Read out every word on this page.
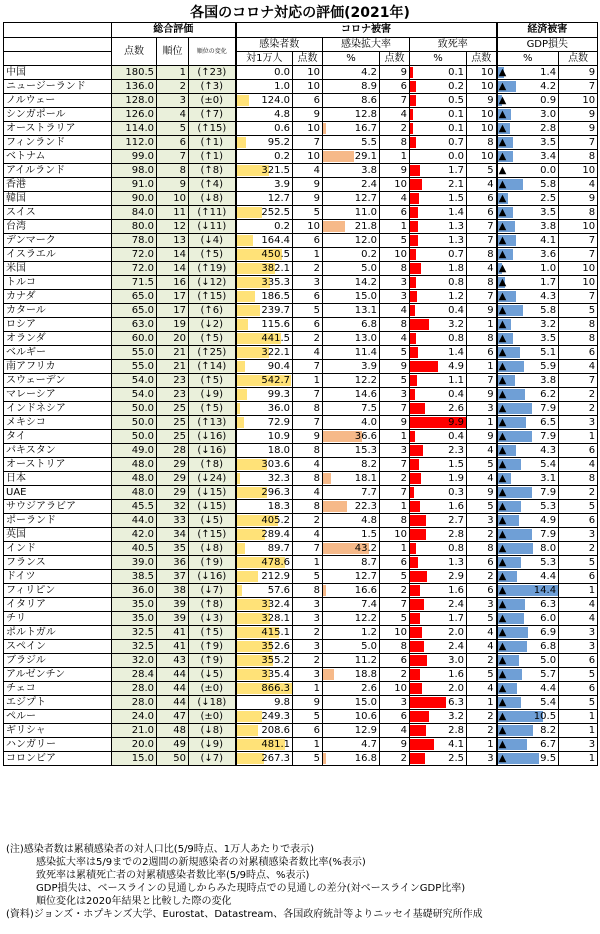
各国のコロナ対応の評価(2021年)
	総合評価			コロナ被害						経済被害	
	点数	順位	順位の変化	感染者数		感染拡大率		致死率		GDP損失	
				対1万人	点数	%	点数	%	点数	%	点数
中国	180.5	1	(↑23)	0.0	10	4.2	9	0.1	10	▲ 1.4	9
ニュージーランド	136.0	2	(↑3)	1.0	10	8.9	6	0.2	10	▲ 4.2	7
ノルウェー	128.0	3	(±0)	124.0	6	8.6	7	0.5	9	▲ 0.9	10
シンガポール	126.0	4	(↑7)	4.8	9	12.8	4	0.1	10	▲ 3.0	9
オーストラリア	114.0	5	(↑15)	0.6	10	16.7	2	0.1	10	▲ 2.8	9
フィンランド	112.0	6	(↑1)	95.2	7	5.5	8	0.7	8	▲ 3.5	7
ベトナム	99.0	7	(↑1)	0.2	10	29.1	1	0.0	10	▲ 3.4	8
アイルランド	98.0	8	(↑8)	321.5	4	3.8	9	1.7	5	▲ 0.0	10
香港	91.0	9	(↑4)	3.9	9	2.4	10	2.1	4	▲ 5.8	4
韓国	90.0	10	(↓8)	12.7	9	12.7	4	1.5	6	▲ 2.5	9
スイス	84.0	11	(↑11)	252.5	5	11.0	6	1.4	6	▲ 3.5	8
台湾	80.0	12	(↓11)	0.2	10	21.8	1	1.3	7	▲ 3.8	10
デンマーク	78.0	13	(↓4)	164.4	6	12.0	5	1.3	7	▲ 4.1	7
イスラエル	72.0	14	(↑5)	450.5	1	0.2	10	0.7	8	▲ 3.6	7
米国	72.0	14	(↑19)	382.1	2	5.0	8	1.8	4	▲ 1.0	10
トルコ	71.5	16	(↓12)	335.3	3	14.2	3	0.8	8	▲ 1.7	10
カナダ	65.0	17	(↑15)	186.5	6	15.0	3	1.2	7	▲ 4.3	7
カタール	65.0	17	(↑6)	239.7	5	13.1	4	0.4	9	▲ 5.8	5
ロシア	63.0	19	(↓2)	115.6	6	6.8	8	3.2	1	▲ 3.2	8
オランダ	60.0	20	(↑5)	441.5	2	13.0	4	0.8	8	▲ 3.5	8
ベルギー	55.0	21	(↑25)	322.1	4	11.4	5	1.4	6	▲ 5.1	6
南アフリカ	55.0	21	(↑14)	90.4	7	3.9	9	4.9	1	▲ 5.9	4
スウェーデン	54.0	23	(↑5)	542.7	1	12.2	5	1.1	7	▲ 3.8	7
マレーシア	54.0	23	(↓9)	99.3	7	14.6	3	0.4	9	▲ 6.2	2
インドネシア	50.0	25	(↑5)	36.0	8	7.5	7	2.6	3	▲ 7.9	2
メキシコ	50.0	25	(↑13)	72.9	7	4.0	9	9.9	1	▲ 6.5	3
タイ	50.0	25	(↓16)	10.9	9	36.6	1	0.4	9	▲ 7.9	1
パキスタン	49.0	28	(↓16)	18.0	8	15.3	3	2.3	4	▲ 4.3	6
オーストリア	48.0	29	(↑8)	303.6	4	8.2	7	1.5	5	▲ 5.4	4
日本	48.0	29	(↓24)	32.3	8	18.1	2	1.9	4	▲ 3.1	8
UAE	48.0	29	(↓15)	296.3	4	7.7	7	0.3	9	▲ 7.9	2
サウジアラビア	45.5	32	(↓15)	18.3	8	22.3	1	1.6	5	▲ 5.3	5
ポーランド	44.0	33	(↓5)	405.2	2	4.8	8	2.7	3	▲ 4.9	6
英国	42.0	34	(↑15)	289.4	4	1.5	10	2.8	2	▲ 7.9	3
インド	40.5	35	(↓8)	89.7	7	43.2	1	0.8	8	▲ 8.0	2
フランス	39.0	36	(↑9)	478.6	1	8.7	6	1.3	6	▲ 5.3	5
ドイツ	38.5	37	(↓16)	212.9	5	12.7	5	2.9	2	▲ 4.4	6
フィリピン	36.0	38	(↓7)	57.6	8	16.6	2	1.6	6	▲ 14.4	1
イタリア	35.0	39	(↑8)	332.4	3	7.4	7	2.4	3	▲ 6.3	4
チリ	35.0	39	(↓3)	328.1	3	12.2	5	1.7	5	▲ 6.0	4
ポルトガル	32.5	41	(↑5)	415.1	2	1.2	10	2.0	4	▲ 6.9	3
スペイン	32.5	41	(↑9)	352.6	3	5.0	8	2.4	4	▲ 6.8	3
ブラジル	32.0	43	(↑9)	355.2	2	11.2	6	3.0	2	▲ 5.0	6
アルゼンチン	28.4	44	(↓5)	335.4	3	18.8	2	1.6	5	▲ 5.7	5
チェコ	28.0	44	(±0)	866.3	1	2.6	10	2.0	4	▲ 4.4	6
エジプト	28.0	44	(↓18)	9.8	9	15.0	3	6.3	1	▲ 5.4	5
ペルー	24.0	47	(±0)	249.3	5	10.6	6	3.2	2	▲ 10.5	1
ギリシャ	21.0	48	(↓8)	208.6	6	12.9	4	2.8	2	▲ 8.2	1
ハンガリー	20.0	49	(↓9)	481.1	1	4.7	9	4.1	1	▲ 6.7	3
コロンビア	15.0	50	(↓7)	267.3	5	16.8	2	2.5	3	▲ 9.5	1
(注)感染者数は累積感染者の対人口比(5/9時点、1万人あたりで表示)
感染拡大率は5/9までの2週間の新規感染者の対累積感染者数比率(%表示)
致死率は累積死亡者の対累積感染者数比率(5/9時点、%表示)
GDP損失は、ベースラインの見通しからみた現時点での見通しの差分(対ベースラインGDP比率)
順位変化は2020年結果と比較した際の変化
(資料)ジョンズ・ホプキンズ大学、Eurostat、Datastream、各国政府統計等よりニッセイ基礎研究所作成
